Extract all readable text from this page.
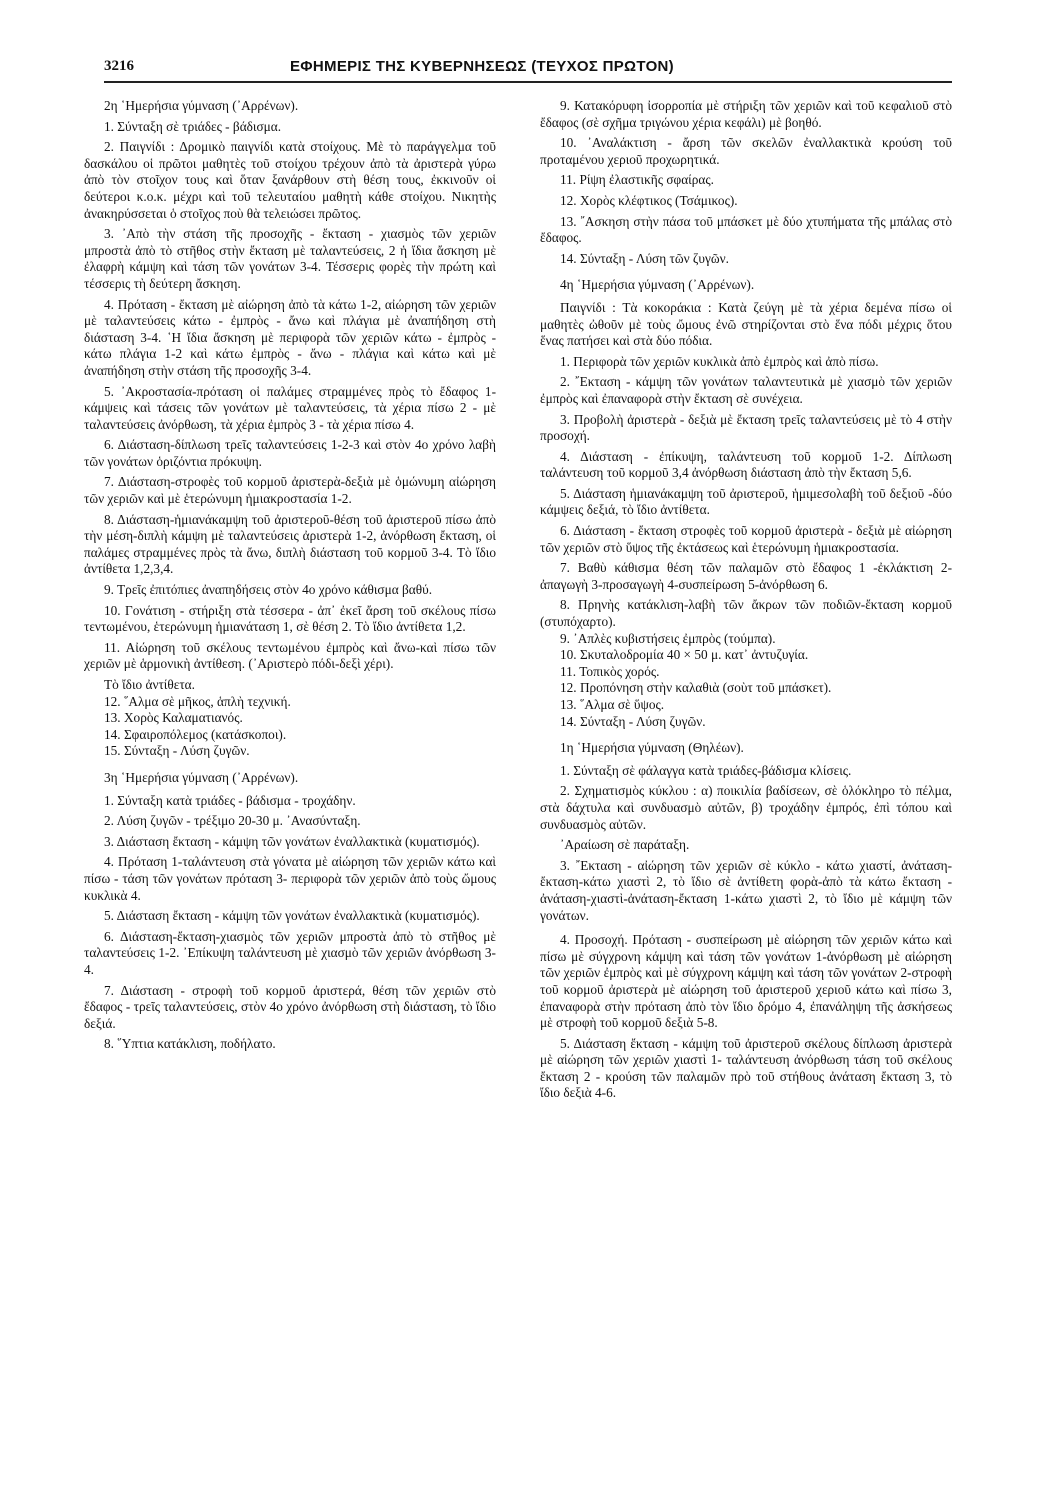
3216	ΕΦΗΜΕΡΙΣ ΤΗΣ ΚΥΒΕΡΝΗΣΕΩΣ (ΤΕΥΧΟΣ ΠΡΩΤΟΝ)

2η ῾Ημερήσια γύμναση (᾽Αρρένων).

1. Σύνταξη σὲ τριάδες - βάδισμα.

2. Παιγνίδι : Δρομικὸ παιγνίδι κατὰ στοίχους. Μὲ τὸ παράγγελμα τοῦ δασκάλου οἱ πρῶτοι μαθητὲς τοῦ στοίχου τρέχουν ἀπὸ τὰ ἀριστερὰ γύρω ἀπὸ τὸν στοῖχον τους καὶ ὅταν ξανάρθουν στὴ θέση τους, ἐκκινοῦν οἱ δεύτεροι κ.ο.κ. μέχρι καὶ τοῦ τελευταίου μαθητὴ κάθε στοίχου. Νικητὴς ἀνακηρύσσεται ὁ στοῖχος ποὺ θὰ τελειώσει πρῶτος.

3. ᾽Απὸ τὴν στάση τῆς προσοχῆς - ἔκταση - χιασμὸς τῶν χεριῶν μπροστὰ ἀπὸ τὸ στῆθος στὴν ἔκταση μὲ ταλαντεύσεις, 2 ἡ ἴδια ἄσκηση μὲ ἐλαφρὴ κάμψη καὶ τάση τῶν γονάτων 3-4. Τέσσερις φορὲς τὴν πρώτη καὶ τέσσερις τὴ δεύτερη ἄσκηση.

4. Πρόταση - ἔκταση μὲ αἰώρηση ἀπὸ τὰ κάτω 1-2, αἰώρηση τῶν χεριῶν μὲ ταλαντεύσεις κάτω - ἐμπρὸς - ἄνω καὶ πλάγια μὲ ἀναπήδηση στὴ διάσταση 3-4. ῾Η ἴδια ἄσκηση μὲ περιφορὰ τῶν χεριῶν κάτω - ἐμπρὸς - κάτω πλάγια 1-2 καὶ κάτω ἐμπρὸς - ἄνω - πλάγια καὶ κάτω καὶ μὲ ἀναπήδηση στὴν στάση τῆς προσοχῆς 3-4.

5. ᾽Ακροστασία-πρόταση οἱ παλάμες στραμμένες πρὸς τὸ ἔδαφος 1-κάμψεις καὶ τάσεις τῶν γονάτων μὲ ταλαντεύσεις, τὰ χέρια πίσω 2 - μὲ ταλαντεύσεις ἀνόρθωση, τὰ χέρια ἐμπρὸς 3 - τὰ χέρια πίσω 4.

6. Διάσταση-δίπλωση τρεῖς ταλαντεύσεις 1-2-3 καὶ στὸν 4ο χρόνο λαβὴ τῶν γονάτων ὁριζόντια πρόκυψη.

7. Διάσταση-στροφὲς τοῦ κορμοῦ ἀριστερὰ-δεξιὰ μὲ ὁμώνυμη αἰώρηση τῶν χεριῶν καὶ μὲ ἑτερώνυμη ἡμιακροστασία 1-2.

8. Διάσταση-ἡμιανάκαμψη τοῦ ἀριστεροῦ-θέση τοῦ ἀριστεροῦ πίσω ἀπὸ τὴν μέση-διπλὴ κάμψη μὲ ταλαντεύσεις ἀριστερὰ 1-2, ἀνόρθωση ἔκταση, οἱ παλάμες στραμμένες πρὸς τὰ ἄνω, διπλὴ διάσταση τοῦ κορμοῦ 3-4. Τὸ ἴδιο ἀντίθετα 1,2,3,4.

9. Τρεῖς ἐπιτόπιες ἀναπηδήσεις στὸν 4ο χρόνο κάθισμα βαθύ.

10. Γονάτιση - στήριξη στὰ τέσσερα - ἀπ᾽ ἐκεῖ ἄρση τοῦ σκέλους πίσω τεντωμένου, ἑτερώνυμη ἡμιανάταση 1, σὲ θέση 2. Τὸ ἴδιο ἀντίθετα 1,2.

11. Αἰώρηση τοῦ σκέλους τεντωμένου ἐμπρὸς καὶ ἄνω-καὶ πίσω τῶν χεριῶν μὲ ἁρμονικὴ ἀντίθεση. (᾽Αριστερὸ πόδι-δεξὶ χέρι).

Τὸ ἴδιο ἀντίθετα.

12. ῞Αλμα σὲ μῆκος, ἁπλὴ τεχνική.

13. Χορὸς Καλαματιανός.

14. Σφαιροπόλεμος (κατάσκοποι).

15. Σύνταξη - Λύση ζυγῶν.

3η ῾Ημερήσια γύμναση (᾽Αρρένων).

1. Σύνταξη κατὰ τριάδες - βάδισμα - τροχάδην.

2. Λύση ζυγῶν - τρέξιμο 20-30 μ. ᾽Ανασύνταξη.

3. Διάσταση ἔκταση - κάμψη τῶν γονάτων ἐναλλακτικὰ (κυματισμός).

4. Πρόταση 1-ταλάντευση στὰ γόνατα μὲ αἰώρηση τῶν χεριῶν κάτω καὶ πίσω - τάση τῶν γονάτων πρόταση 3- περιφορὰ τῶν χεριῶν ἀπὸ τοὺς ὤμους κυκλικὰ 4.

5. Διάσταση ἔκταση - κάμψη τῶν γονάτων ἐναλλακτικὰ (κυματισμός).

6. Διάσταση-ἔκταση-χιασμὸς τῶν χεριῶν μπροστὰ ἀπὸ τὸ στῆθος μὲ ταλαντεύσεις 1-2. ᾽Επίκυψη ταλάντευση μὲ χιασμὸ τῶν χεριῶν ἀνόρθωση 3-4.

7. Διάσταση - στροφὴ τοῦ κορμοῦ ἀριστερά, θέση τῶν χεριῶν στὸ ἔδαφος - τρεῖς ταλαντεύσεις, στὸν 4ο χρόνο ἀνόρθωση στὴ διάσταση, τὸ ἴδιο δεξιά.

8. ῞Υπτια κατάκλιση, ποδήλατο.

9. Κατακόρυφη ἰσορροπία μὲ στήριξη τῶν χεριῶν καὶ τοῦ κεφαλιοῦ στὸ ἔδαφος (σὲ σχῆμα τριγώνου χέρια κεφάλι) μὲ βοηθό.

10. ᾽Αναλάκτιση - ἄρση τῶν σκελῶν ἐναλλακτικὰ κρούση τοῦ προταμένου χεριοῦ προχωρητικά.

11. Ρίψη ἐλαστικῆς σφαίρας.

12. Χορὸς κλέφτικος (Τσάμικος).

13. ῎Ασκηση στὴν πάσα τοῦ μπάσκετ μὲ δύο χτυπήματα τῆς μπάλας στὸ ἔδαφος.

14. Σύνταξη - Λύση τῶν ζυγῶν.

4η ῾Ημερήσια γύμναση (᾽Αρρένων).

Παιγνίδι : Τὰ κοκοράκια : Κατὰ ζεύγη μὲ τὰ χέρια δεμένα πίσω οἱ μαθητὲς ὠθοῦν μὲ τοὺς ὤμους ἐνῶ στηρίζονται στὸ ἕνα πόδι μέχρις ὅτου ἕνας πατήσει καὶ στὰ δύο πόδια.

1. Περιφορὰ τῶν χεριῶν κυκλικὰ ἀπὸ ἐμπρὸς καὶ ἀπὸ πίσω.

2. ῎Εκταση - κάμψη τῶν γονάτων ταλαντευτικὰ μὲ χιασμὸ τῶν χεριῶν ἐμπρὸς καὶ ἐπαναφορὰ στὴν ἔκταση σὲ συνέχεια.

3. Προβολὴ ἀριστερὰ - δεξιὰ μὲ ἔκταση τρεῖς ταλαντεύσεις μὲ τὸ 4 στὴν προσοχή.

4. Διάσταση - ἐπίκυψη, ταλάντευση τοῦ κορμοῦ 1-2. Δίπλωση ταλάντευση τοῦ κορμοῦ 3,4 ἀνόρθωση διάσταση ἀπὸ τὴν ἔκταση 5,6.

5. Διάσταση ἡμιανάκαμψη τοῦ ἀριστεροῦ, ἡμιμεσολαβὴ τοῦ δεξιοῦ -δύο κάμψεις δεξιά, τὸ ἴδιο ἀντίθετα.

6. Διάσταση - ἔκταση στροφὲς τοῦ κορμοῦ ἀριστερὰ - δεξιὰ μὲ αἰώρηση τῶν χεριῶν στὸ ὕψος τῆς ἐκτάσεως καὶ ἑτερώνυμη ἡμιακροστασία.

7. Βαθὺ κάθισμα θέση τῶν παλαμῶν στὸ ἔδαφος 1 -ἐκλάκτιση 2-ἀπαγωγὴ 3-προσαγωγὴ 4-συσπείρωση 5-ἀνόρθωση 6.

8. Πρηνὴς κατάκλιση-λαβὴ τῶν ἄκρων τῶν ποδιῶν-ἔκταση κορμοῦ (στυπόχαρτο).

9. ᾽Απλὲς κυβιστήσεις ἐμπρὸς (τούμπα).

10. Σκυταλοδρομία 40 × 50 μ. κατ᾽ ἀντυζυγία.

11. Τοπικὸς χορός.

12. Προπόνηση στὴν καλαθιὰ (σοὺτ τοῦ μπάσκετ).

13. ῞Αλμα σὲ ὕψος.

14. Σύνταξη - Λύση ζυγῶν.

1η ῾Ημερήσια γύμναση (Θηλέων).

1. Σύνταξη σὲ φάλαγγα κατὰ τριάδες-βάδισμα κλίσεις.

2. Σχηματισμὸς κύκλου : α) ποικιλία βαδίσεων, σὲ ὁλόκληρο τὸ πέλμα, στὰ δάχτυλα καὶ συνδυασμὸ αὐτῶν, β) τροχάδην ἐμπρός, ἐπὶ τόπου καὶ συνδυασμὸς αὐτῶν.

᾽Αραίωση σὲ παράταξη.

3. ῎Εκταση - αἰώρηση τῶν χεριῶν σὲ κύκλο - κάτω χιαστί, ἀνάταση-ἔκταση-κάτω χιαστὶ 2, τὸ ἴδιο σὲ ἀντίθετη φορὰ-ἀπὸ τὰ κάτω ἔκταση - ἀνάταση-χιαστὶ-ἀνάταση-ἔκταση 1-κάτω χιαστὶ 2, τὸ ἴδιο μὲ κάμψη τῶν γονάτων.

4. Προσοχή. Πρόταση - συσπείρωση μὲ αἰώρηση τῶν χεριῶν κάτω καὶ πίσω μὲ σύγχρονη κάμψη καὶ τάση τῶν γονάτων 1-ἀνόρθωση μὲ αἰώρηση τῶν χεριῶν ἐμπρὸς καὶ μὲ σύγχρονη κάμψη καὶ τάση τῶν γονάτων 2-στροφὴ τοῦ κορμοῦ ἀριστερὰ μὲ αἰώρηση τοῦ ἀριστεροῦ χεριοῦ κάτω καὶ πίσω 3, ἐπαναφορὰ στὴν πρόταση ἀπὸ τὸν ἴδιο δρόμο 4, ἐπανάληψη τῆς ἀσκήσεως μὲ στροφὴ τοῦ κορμοῦ δεξιὰ 5-8.

5. Διάσταση ἔκταση - κάμψη τοῦ ἀριστεροῦ σκέλους δίπλωση ἀριστερὰ μὲ αἰώρηση τῶν χεριῶν χιαστὶ 1- ταλάντευση ἀνόρθωση τάση τοῦ σκέλους ἔκταση 2 - κρούση τῶν παλαμῶν πρὸ τοῦ στήθους ἀνάταση ἔκταση 3, τὸ ἴδιο δεξιὰ 4-6.
